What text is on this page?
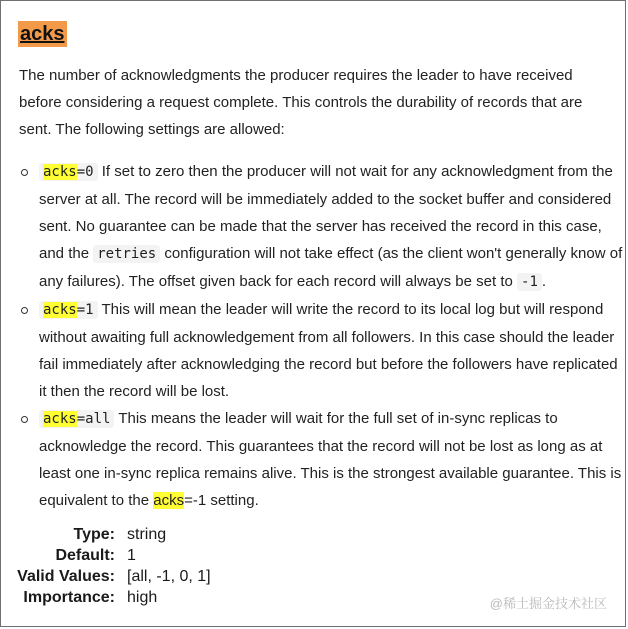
acks
The number of acknowledgments the producer requires the leader to have received before considering a request complete. This controls the durability of records that are sent. The following settings are allowed:
acks=0 If set to zero then the producer will not wait for any acknowledgment from the server at all. The record will be immediately added to the socket buffer and considered sent. No guarantee can be made that the server has received the record in this case, and the retries configuration will not take effect (as the client won't generally know of any failures). The offset given back for each record will always be set to -1 .
acks=1 This will mean the leader will write the record to its local log but will respond without awaiting full acknowledgement from all followers. In this case should the leader fail immediately after acknowledging the record but before the followers have replicated it then the record will be lost.
acks=all This means the leader will wait for the full set of in-sync replicas to acknowledge the record. This guarantees that the record will not be lost as long as at least one in-sync replica remains alive. This is the strongest available guarantee. This is equivalent to the acks=-1 setting.
Type: string
Default: 1
Valid Values: [all, -1, 0, 1]
Importance: high	@稀土掘金技术社区
